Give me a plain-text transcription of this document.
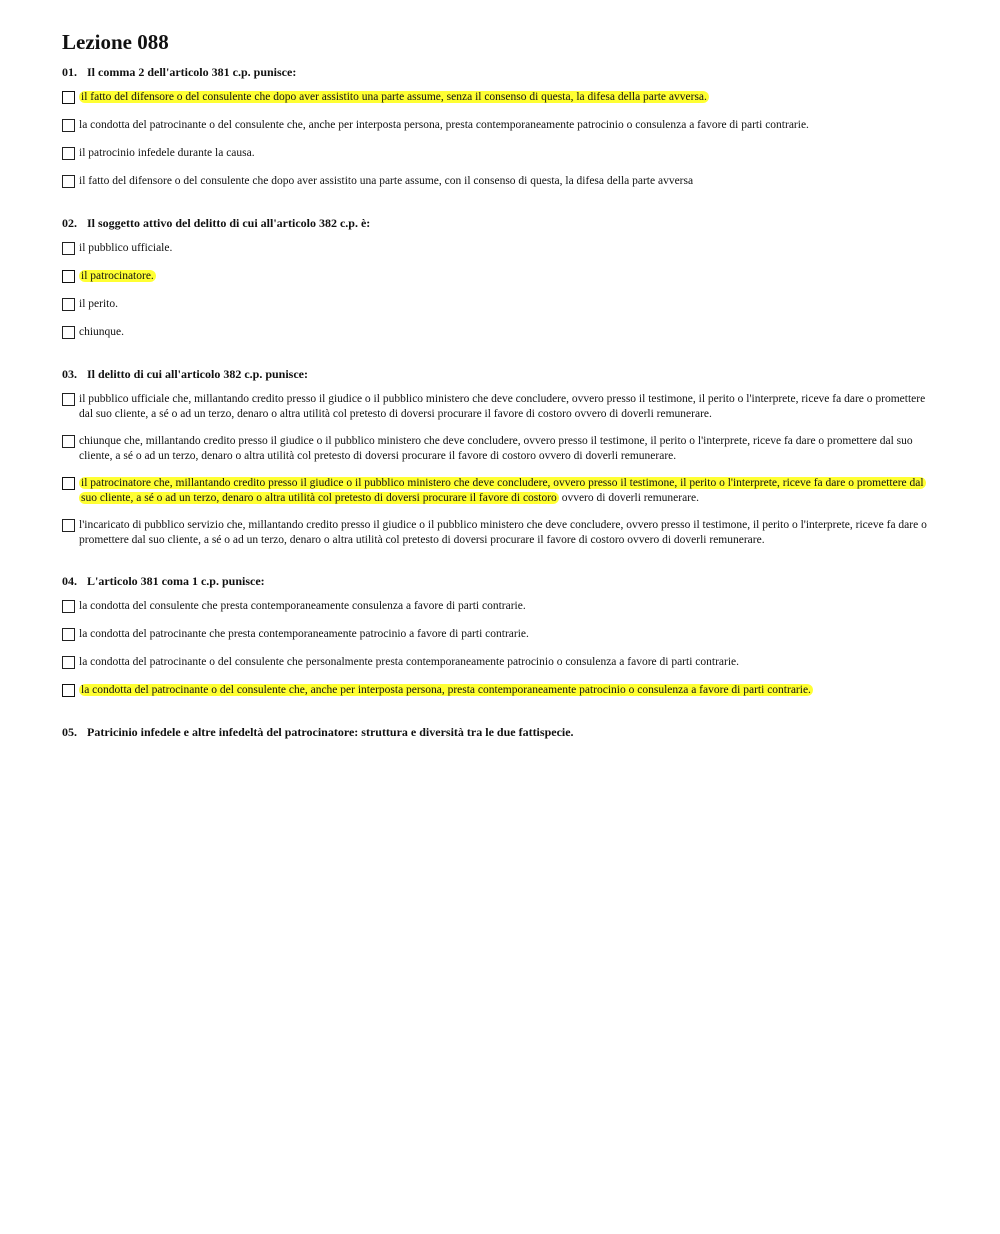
Lezione 088
01. Il comma 2 dell'articolo 381 c.p. punisce:
il fatto del difensore o del consulente che dopo aver assistito una parte assume, senza il consenso di questa, la difesa della parte avversa.
la condotta del patrocinante o del consulente che, anche per interposta persona, presta contemporaneamente patrocinio o consulenza a favore di parti contrarie.
il patrocinio infedele durante la causa.
il fatto del difensore o del consulente che dopo aver assistito una parte assume, con il consenso di questa, la difesa della parte avversa
02. Il soggetto attivo del delitto di cui all'articolo 382 c.p. è:
il pubblico ufficiale.
il patrocinatore.
il perito.
chiunque.
03. Il delitto di cui all'articolo 382 c.p. punisce:
il pubblico ufficiale che, millantando credito presso il giudice o il pubblico ministero che deve concludere, ovvero presso il testimone, il perito o l'interprete, riceve fa dare o promettere dal suo cliente, a sé o ad un terzo, denaro o altra utilità col pretesto di doversi procurare il favore di costoro ovvero di doverli remunerare.
chiunque che, millantando credito presso il giudice o il pubblico ministero che deve concludere, ovvero presso il testimone, il perito o l'interprete, riceve fa dare o promettere dal suo cliente, a sé o ad un terzo, denaro o altra utilità col pretesto di doversi procurare il favore di costoro ovvero di doverli remunerare.
il patrocinatore che, millantando credito presso il giudice o il pubblico ministero che deve concludere, ovvero presso il testimone, il perito o l'interprete, riceve fa dare o promettere dal suo cliente, a sé o ad un terzo, denaro o altra utilità col pretesto di doversi procurare il favore di costoro ovvero di doverli remunerare.
l'incaricato di pubblico servizio che, millantando credito presso il giudice o il pubblico ministero che deve concludere, ovvero presso il testimone, il perito o l'interprete, riceve fa dare o promettere dal suo cliente, a sé o ad un terzo, denaro o altra utilità col pretesto di doversi procurare il favore di costoro ovvero di doverli remunerare.
04. L'articolo 381 coma 1 c.p. punisce:
la condotta del consulente che presta contemporaneamente consulenza a favore di parti contrarie.
la condotta del patrocinante che presta contemporaneamente patrocinio a favore di parti contrarie.
la condotta del patrocinante o del consulente che personalmente presta contemporaneamente patrocinio o consulenza a favore di parti contrarie.
la condotta del patrocinante o del consulente che, anche per interposta persona, presta contemporaneamente patrocinio o consulenza a favore di parti contrarie.
05. Patricinio infedele e altre infedeltà del patrocinatore: struttura e diversità tra le due fattispecie.
